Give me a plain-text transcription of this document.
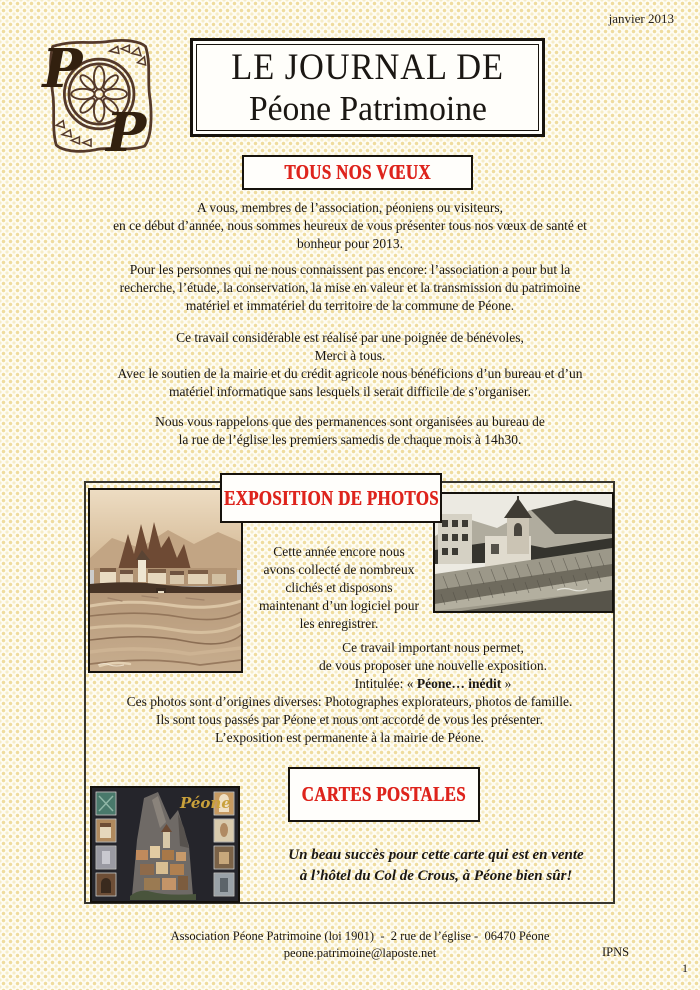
janvier 2013
P
P
LE JOURNAL DE
Péone Patrimoine
TOUS NOS VŒUX
A vous, membres de l’association, péoniens ou visiteurs,
en ce début d’année, nous sommes heureux de vous présenter tous nos vœux de santé et
bonheur pour 2013.
Pour les personnes qui ne nous connaissent pas encore: l’association a pour but la
recherche, l’étude, la conservation, la mise en valeur et la transmission du patrimoine
matériel et immatériel du territoire de la commune de Péone.
Ce travail considérable est réalisé par une poignée de bénévoles,
Merci à tous.
Avec le soutien de la mairie et du crédit agricole nous bénéficions d’un bureau et d’un
matériel informatique sans lesquels il serait difficile de s’organiser.
Nous vous rappelons que des permanences sont organisées au bureau de
la rue de l’église les premiers samedis de chaque mois à 14h30.
EXPOSITION DE PHOTOS
Cette année encore nous
avons collecté de nombreux
clichés et disposons
maintenant d’un logiciel pour
les enregistrer.
Ce travail important nous permet,
de vous proposer une nouvelle exposition.
Intitulée: « Péone… inédit »
Ces photos sont d’origines diverses: Photographes explorateurs, photos de famille.
Ils sont tous passés par Péone et nous ont accordé de vous les présenter.
L’exposition est permanente à la mairie de Péone.
CARTES POSTALES
Péone
Un beau succès pour cette carte qui est en vente
à l’hôtel du Col de Crous, à Péone bien sûr!
Association Péone Patrimoine (loi 1901)  -  2 rue de l’église -  06470 Péone
peone.patrimoine@laposte.net	IPNS
1
